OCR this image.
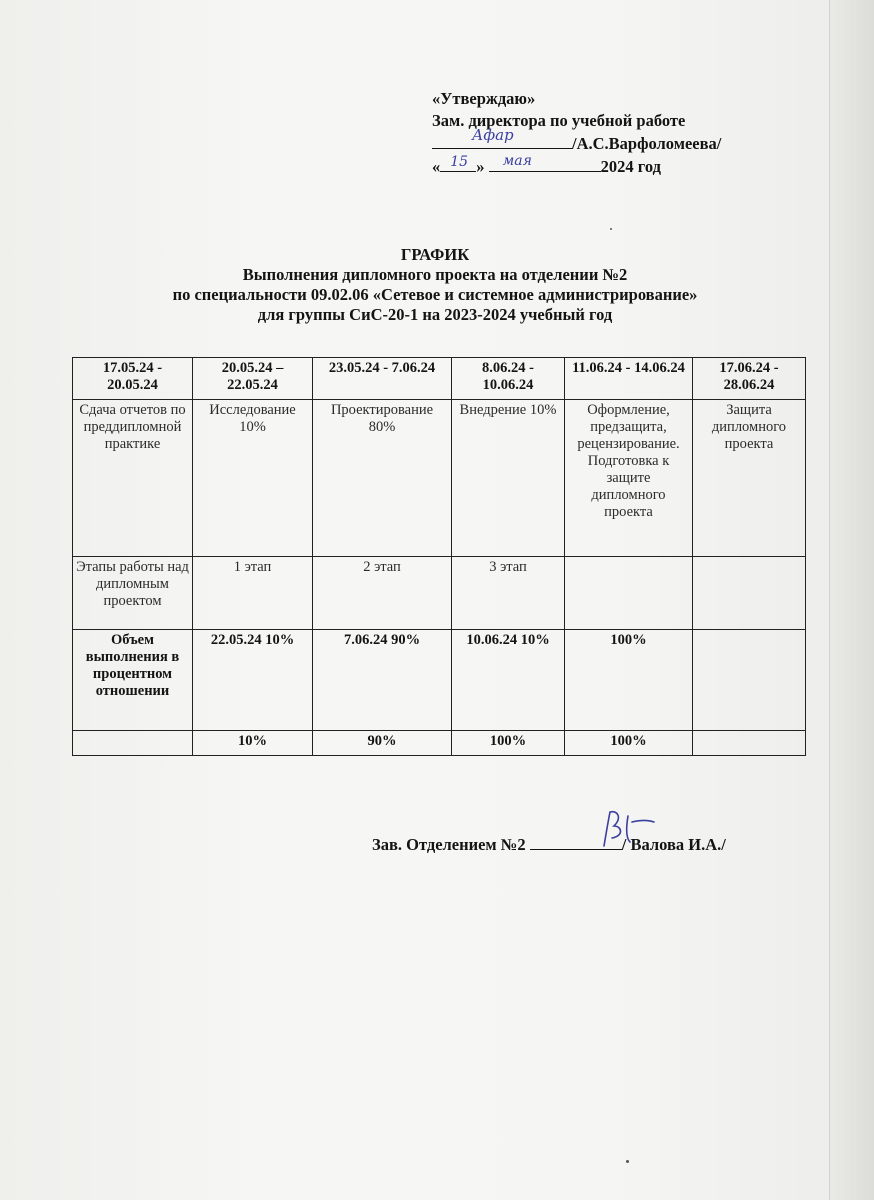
«Утверждаю»
Зам. директора по учебной работе
Афар	/А.С.Варфоломеева/
« 15 » мая	2024 год
ГРАФИК
Выполнения дипломного проекта на отделении №2
по специальности 09.02.06 «Сетевое и системное администрирование»
для группы СиС-20-1 на 2023-2024 учебный год
17.05.24 - 20.05.24	20.05.24 – 22.05.24	23.05.24 - 7.06.24	8.06.24 - 10.06.24	11.06.24 - 14.06.24	17.06.24 - 28.06.24
Сдача отчетов по преддипломной практике	Исследование 10%	Проектирование 80%	Внедрение 10%	Оформление, предзащита, рецензирование. Подготовка к защите дипломного проекта	Защита дипломного проекта
Этапы работы над дипломным проектом	1 этап	2 этап	3 этап		
Объем выполнения в процентном отношении	22.05.24 10%	7.06.24 90%	10.06.24 10%	100%	
	10%	90%	100%	100%	
Зав. Отделением №2	/ Валова И.А./
